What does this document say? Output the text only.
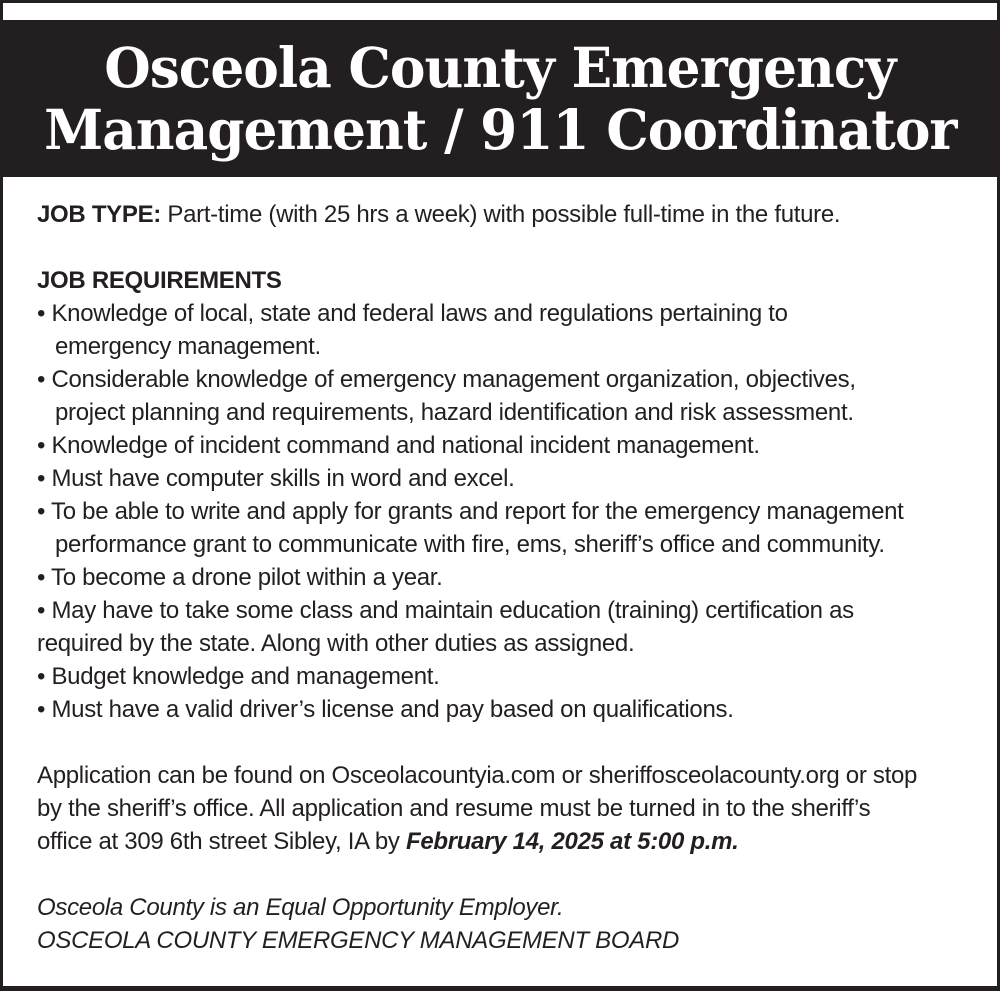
Osceola County Emergency
Management / 911 Coordinator
JOB TYPE: Part-time (with 25 hrs a week) with possible full-time in the future.
JOB REQUIREMENTS
• Knowledge of local, state and federal laws and regulations pertaining to
emergency management.
• Considerable knowledge of emergency management organization, objectives,
project planning and requirements, hazard identification and risk assessment.
• Knowledge of incident command and national incident management.
• Must have computer skills in word and excel.
• To be able to write and apply for grants and report for the emergency management
performance grant to communicate with fire, ems, sheriff’s office and community.
• To become a drone pilot within a year.
• May have to take some class and maintain education (training) certification as
required by the state. Along with other duties as assigned.
• Budget knowledge and management.
• Must have a valid driver’s license and pay based on qualifications.
Application can be found on Osceolacountyia.com or sheriffosceolacounty.org or stop
by the sheriff’s office. All application and resume must be turned in to the sheriff’s
office at 309 6th street Sibley, IA by February 14, 2025 at 5:00 p.m.
Osceola County is an Equal Opportunity Employer.
OSCEOLA COUNTY EMERGENCY MANAGEMENT BOARD
